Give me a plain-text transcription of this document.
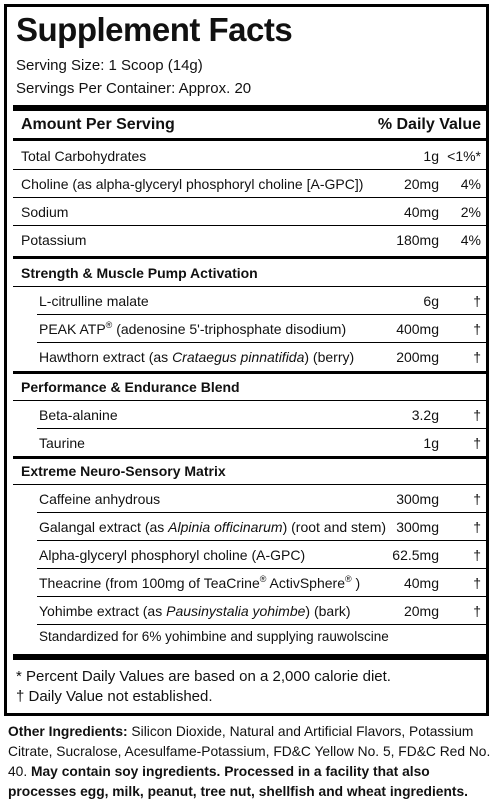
Supplement Facts
Serving Size: 1 Scoop (14g)
Servings Per Container: Approx. 20
Amount Per Serving	% Daily Value
Total Carbohydrates	1g <1%*
Choline (as alpha-glyceryl phosphoryl choline [A-GPC])	20mg 4%
Sodium	40mg 2%
Potassium	180mg 4%
Strength & Muscle Pump Activation
L-citrulline malate	6g †
PEAK ATP® (adenosine 5'-triphosphate disodium)	400mg †
Hawthorn extract (as Crataegus pinnatifida) (berry)	200mg †
Performance & Endurance Blend
Beta-alanine	3.2g †
Taurine	1g †
Extreme Neuro-Sensory Matrix
Caffeine anhydrous	300mg †
Galangal extract (as Alpinia officinarum) (root and stem) 300mg †
Alpha-glyceryl phosphoryl choline (A-GPC)	62.5mg †
Theacrine (from 100mg of TeaCrine® ActivSphere® )	40mg †
Yohimbe extract (as Pausinystalia yohimbe) (bark)	20mg †
Standardized for 6% yohimbine and supplying rauwolscine
* Percent Daily Values are based on a 2,000 calorie diet.
† Daily Value not established.
Other Ingredients: Silicon Dioxide, Natural and Artificial Flavors, Potassium Citrate, Sucralose, Acesulfame-Potassium, FD&C Yellow No. 5, FD&C Red No. 40. May contain soy ingredients. Processed in a facility that also processes egg, milk, peanut, tree nut, shellfish and wheat ingredients.
